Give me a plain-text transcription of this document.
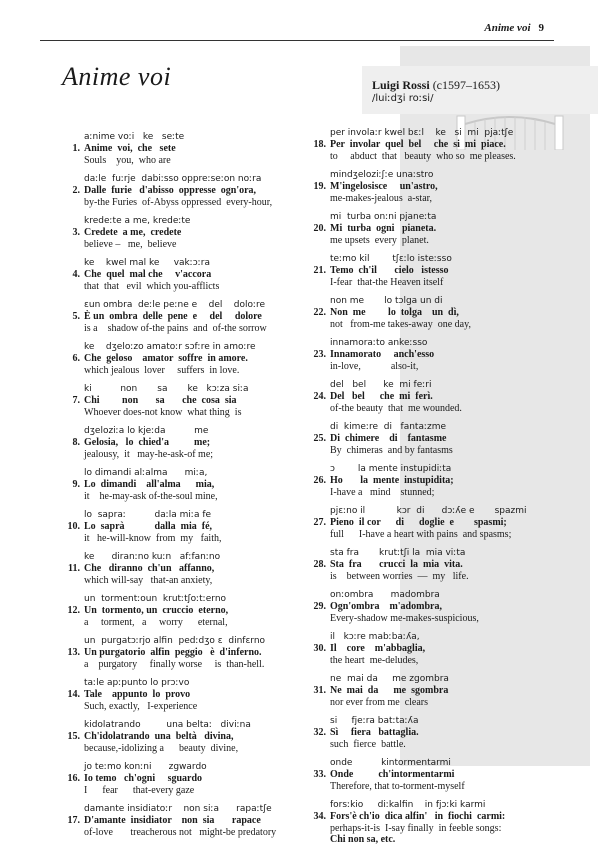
Anime voi 9
Anime voi	Luigi Rossi (c1597–1653)
/luiːdʒi roːsi/
aːnime voːi   ke   seːte
1. Anime  voi,  che   sete
Souls    you,  who are
daːle  fuːrje  dabiːsso oppreːseːon noːra
2. Dalle  furie   d'abisso  oppresse  ogn'ora,
by-the Furies  of-Abyss oppressed  every-hour,
kredeːte a me, kredeːte
3. Credete  a me,  credete
believe –   me,  believe
ke    kwel mal ke     vakːɔːra
4. Che  quel  mal che     v'accora
that  that   evil  which you-afflicts
ɛun ombra  deːle peːne e    del    doloːre
5. È un  ombra  delle  pene  e     del     dolore
is a    shadow of-the pains  and  of-the sorrow
ke    dʒeloːzo amatoːr sɔfːre in amoːre
6. Che  geloso    amator  soffre  in amore.
which jealous  lover     suffers  in love.
ki          non       sa       ke   kɔːza siːa
7. Chi         non       sa       che  cosa  sia
Whoever does-not know  what thing  is
dʒeloziːa lo kjeːda          me
8. Gelosia,   lo  chied'a          me;
jealousy,  it   may-he-ask-of me;
lo dimandi alːalma      miːa,
9. Lo  dimandi    all'alma      mia,
it    he-may-ask of-the-soul mine,
lo  sapraː          daːla miːa fe
10. Lo  saprà            dalla  mia  fé,
it   he-will-know  from  my   faith,
ke      diranːno kuːn   afːfanːno
11. Che   diranno  ch'un   affanno,
which will-say   that-an anxiety,
un  tormentːoun  krutːtʃoːtːerno
12. Un  tormento, un  cruccio  eterno,
a     torment,   a     worry      eternal,
un  purgatɔːrjo alfin  pedːdʒo ɛ  dinfɛrno
13. Un purgatorio  alfin  peggio   è  d'inferno.
a    purgatory     finally worse     is  than-hell.
taːle apːpunto lo prɔːvo
14. Tale    appunto  lo  provo
Such, exactly,   I-experience
kidolatrando         una beltaː   diviːna
15. Ch'idolatrando  una  beltà   divina,
because,-idolizing a      beauty  divine,
jo teːmo konːni      zgwardo
16. Io temo   ch'ogni     sguardo
I      fear      that-every gaze
damante insidiatoːr    non siːa      rapaːtʃe
17. D'amante  insidiator    non  sia       rapace
of-love       treacherous not   might-be predatory
per involaːr kwel bɛːl    ke   si  mi  pjaːtʃe
18. Per  involar  quel  bel     che  si  mi  piace.
to     abduct  that   beauty  who so  me pleases.
mindʒeloziːʃːe unaːstro
19. M'ingelosisce     un'astro,
me-makes-jealous  a-star,
mi  turba onːni pjaneːta
20. Mi  turba  ogni   pianeta.
me upsets  every  planet.
teːmo kil        tʃɛːlo isteːsso
21. Temo  ch'il       cielo   istesso
I-fear  that-the Heaven itself
non me       lo tɔlga un di
22. Non  me         lo  tolga    un  dì,
not   from-me takes-away  one day,
innamoraːto ankeːsso
23. Innamorato     anch'esso
in-love,            also-it,
del   bel      ke  mi feːri
24. Del   bel      che  mi  ferì.
of-the beauty  that  me wounded.
di  kimeːre  di   fantaːzme
25. Di  chimere    di    fantasme
By  chimeras  and by fantasms
ɔ        la mente instupidiːta
26. Ho       la  mente  instupidita;
I-have a   mind    stunned;
pjɛːno il           kɔr  di      dɔːʎe e       spazmi
27. Pieno  il cor      di      doglie  e        spasmi;
full      I-have a heart with pains  and spasms;
sta fra       krutːtʃi la  mia viːta
28. Sta  fra       crucci  la  mia  vita.
is    between worries  —  my   life.
onːombra      madombra
29. Ogn'ombra    m'adombra,
Every-shadow me-makes-suspicious,
il   kɔːre mabːbaːʎa,
30. Il    core    m'abbaglia,
the heart  me-deludes,
ne  mai da     me zgombra
31. Ne  mai  da      me  sgombra
nor ever from me  clears
si     fjeːra batːtaːʎa
32. Sì     fiera   battaglia.
such  fierce  battle.
onde          kintormentarmi
33. Onde          ch'intormentarmi
Therefore, that to-torment-myself
forsːkio     diːkalfin    in fjɔːki karmi
34. Fors'è ch'io  dica alfin'   in  fiochi  carmi:
perhaps-it-is  I-say finally  in feeble songs:
Chi non sa, etc.
